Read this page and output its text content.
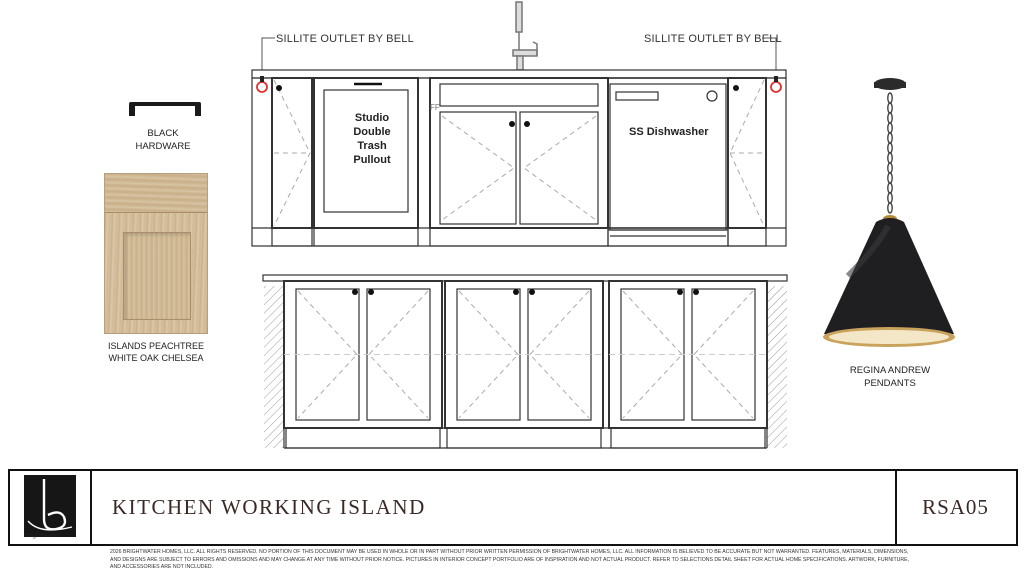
SILLITE OUTLET BY BELL	SILLITE OUTLET BY BELL
FF
SS Dishwasher
Studio
Double
Trash
Pullout
BLACK
HARDWARE
ISLANDS PEACHTREE
WHITE OAK CHELSEA
REGINA ANDREW
PENDANTS
brightwater
KITCHEN WORKING ISLAND	RSA05
2026 BRIGHTWATER HOMES, LLC. ALL RIGHTS RESERVED. NO PORTION OF THIS DOCUMENT MAY BE USED IN WHOLE OR IN PART WITHOUT PRIOR WRITTEN PERMISSION OF BRIGHTWATER HOMES, LLC. ALL INFORMATION IS BELIEVED TO BE ACCURATE BUT NOT WARRANTED. FEATURES, MATERIALS, DIMENSIONS, AND DESIGNS ARE SUBJECT TO ERRORS AND OMISSIONS AND MAY CHANGE AT ANY TIME WITHOUT PRIOR NOTICE. PICTURES IN INTERIOR CONCEPT PORTFOLIO ARE OF INSPIRATION AND NOT ACTUAL PRODUCT. REFER TO SELECTIONS DETAIL SHEET FOR ACTUAL HOME SPECIFICATIONS. ARTWORK, FURNITURE, AND ACCESSORIES ARE NOT INCLUDED.
